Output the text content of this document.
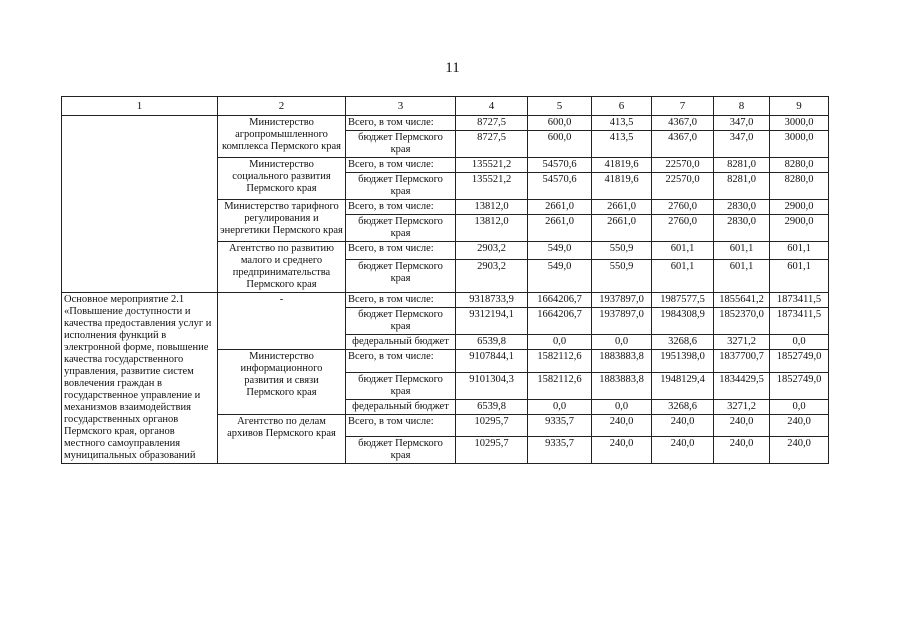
11
1	2	3	4	5	6	7	8	9
	Министерство агропромышленного комплекса Пермского края	Всего, в том числе:	8727,5	600,0	413,5	4367,0	347,0	3000,0
		бюджет Пермского края	8727,5	600,0	413,5	4367,0	347,0	3000,0
	Министерство социального развития Пермского края	Всего, в том числе:	135521,2	54570,6	41819,6	22570,0	8281,0	8280,0
		бюджет Пермского края	135521,2	54570,6	41819,6	22570,0	8281,0	8280,0
	Министерство тарифного регулирования и энергетики Пермского края	Всего, в том числе:	13812,0	2661,0	2661,0	2760,0	2830,0	2900,0
		бюджет Пермского края	13812,0	2661,0	2661,0	2760,0	2830,0	2900,0
	Агентство по развитию малого и среднего предпринимательства Пермского края	Всего, в том числе:	2903,2	549,0	550,9	601,1	601,1	601,1
		бюджет Пермского края	2903,2	549,0	550,9	601,1	601,1	601,1
Основное мероприятие 2.1 «Повышение доступности и качества предоставления услуг и исполнения функций в электронной форме, повышение качества государственного управления, развитие систем вовлечения граждан в государственное управление и механизмов взаимодействия государственных органов Пермского края, органов местного самоуправления муниципальных образований	-	Всего, в том числе:	9318733,9	1664206,7	1937897,0	1987577,5	1855641,2	1873411,5
		бюджет Пермского края	9312194,1	1664206,7	1937897,0	1984308,9	1852370,0	1873411,5
		федеральный бюджет	6539,8	0,0	0,0	3268,6	3271,2	0,0
	Министерство информационного развития и связи Пермского края	Всего, в том числе:	9107844,1	1582112,6	1883883,8	1951398,0	1837700,7	1852749,0
		бюджет Пермского края	9101304,3	1582112,6	1883883,8	1948129,4	1834429,5	1852749,0
		федеральный бюджет	6539,8	0,0	0,0	3268,6	3271,2	0,0
	Агентство по делам архивов Пермского края	Всего, в том числе:	10295,7	9335,7	240,0	240,0	240,0	240,0
		бюджет Пермского края	10295,7	9335,7	240,0	240,0	240,0	240,0
